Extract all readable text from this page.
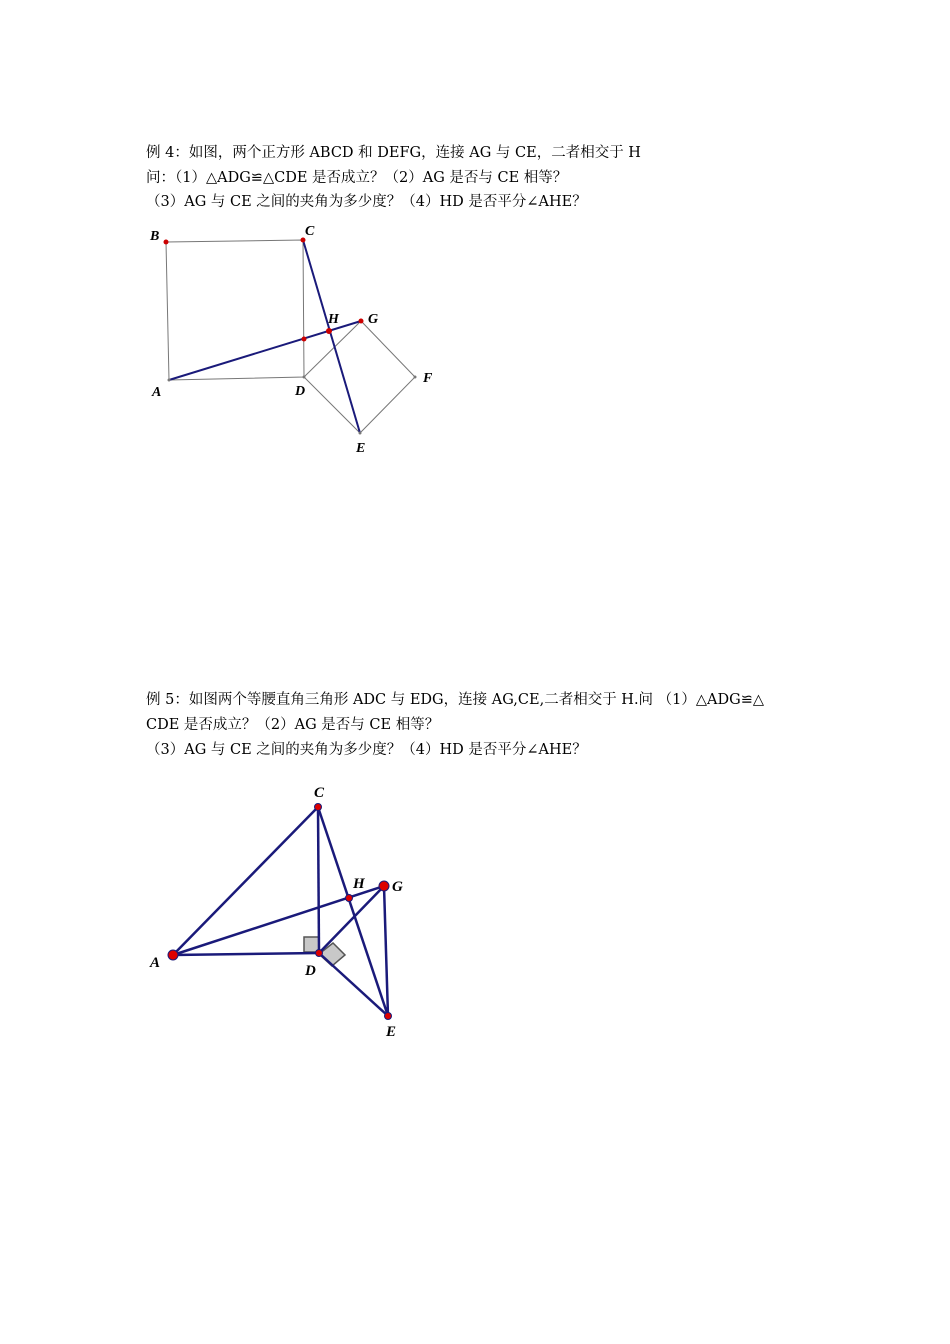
例 4：如图，两个正方形 ABCD 和 DEFG，连接 AG 与 CE，二者相交于 H
问：（1）△ADG≌△CDE 是否成立？（2）AG 是否与 CE 相等？
（3）AG 与 CE 之间的夹角为多少度？（4）HD 是否平分∠AHE？
B	C
H G
A	D
F
E
C
H G
A	D
E
例 5：如图两个等腰直角三角形 ADC 与 EDG，连接 AG,CE,二者相交于 H.问 （1）△ADG≌△
CDE 是否成立？（2）AG 是否与 CE 相等？
（3）AG 与 CE 之间的夹角为多少度？（4）HD 是否平分∠AHE？
